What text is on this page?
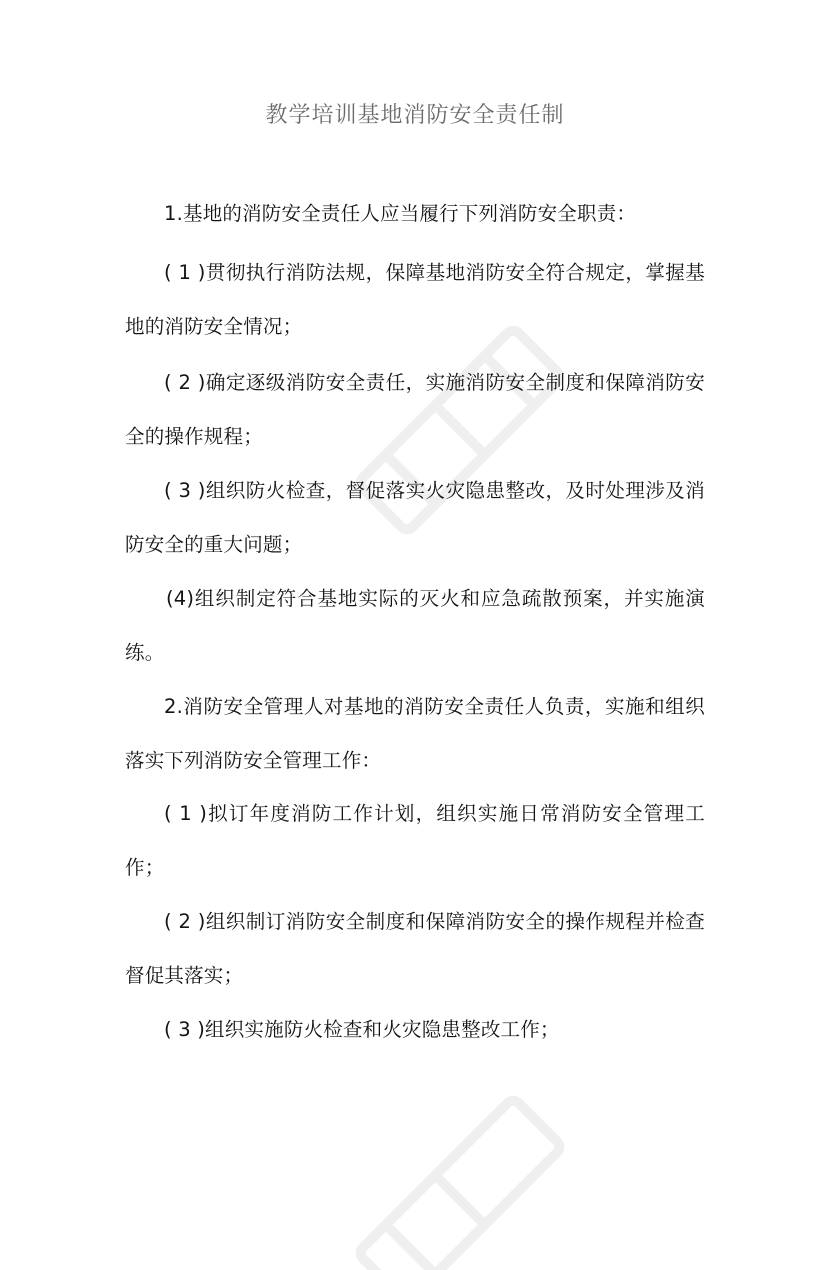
教学培训基地消防安全责任制

1.基地的消防安全责任人应当履行下列消防安全职责：

( 1 )贯彻执行消防法规，保障基地消防安全符合规定，掌握基地的消防安全情况；

( 2 )确定逐级消防安全责任，实施消防安全制度和保障消防安全的操作规程；

( 3 )组织防火检查，督促落实火灾隐患整改，及时处理涉及消防安全的重大问题；

(4)组织制定符合基地实际的灭火和应急疏散预案，并实施演练。

2.消防安全管理人对基地的消防安全责任人负责，实施和组织落实下列消防安全管理工作：

( 1 )拟订年度消防工作计划，组织实施日常消防安全管理工作；

( 2 )组织制订消防安全制度和保障消防安全的操作规程并检查督促其落实；

( 3 )组织实施防火检查和火灾隐患整改工作；
